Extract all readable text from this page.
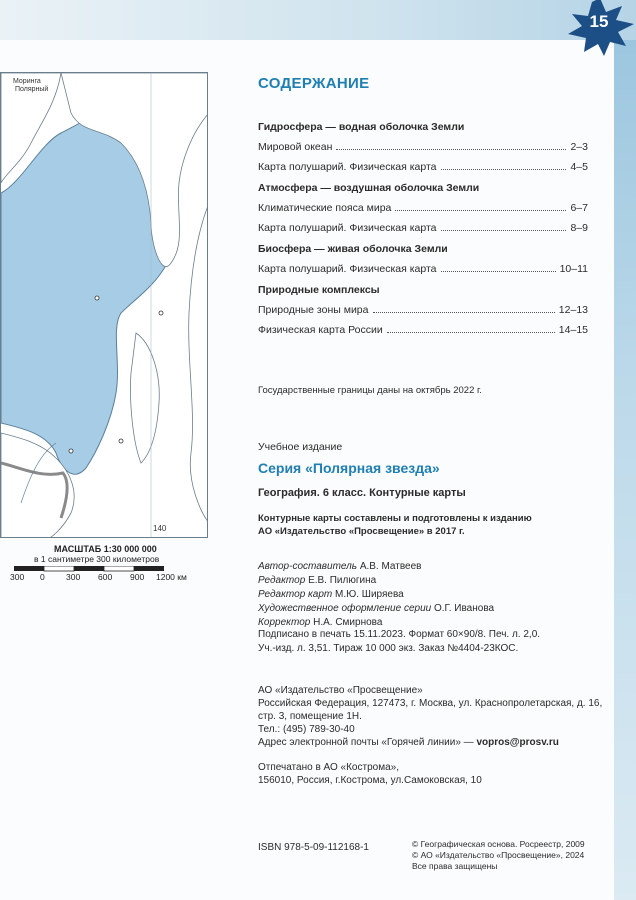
15
Моринга
Полярный
140
МАСШТАБ 1:30 000 000
в 1 сантиметре 300 километров
300 0	300 600 900 1200 км
СОДЕРЖАНИЕ
Гидросфера — водная оболочка Земли
Мировой океан	2–3
Карта полушарий. Физическая карта	4–5
Атмосфера — воздушная оболочка Земли
Климатические пояса мира	6–7
Карта полушарий. Физическая карта	8–9
Биосфера — живая оболочка Земли
Карта полушарий. Физическая карта	10–11
Природные комплексы
Природные зоны мира	12–13
Физическая карта России	14–15
Государственные границы даны на октябрь 2022 г.
Учебное издание
Серия «Полярная звезда»
География. 6 класс. Контурные карты
Контурные карты составлены и подготовлены к изданию
АО «Издательство «Просвещение» в 2017 г.
Автор-составитель А.В. Матвеев
Редактор Е.В. Пилюгина
Редактор карт М.Ю. Ширяева
Художественное оформление серии О.Г. Иванова
Корректор Н.А. Смирнова
Подписано в печать 15.11.2023. Формат 60×90/8. Печ. л. 2,0.
Уч.-изд. л. 3,51. Тираж 10 000 экз. Заказ №4404-23КОС.
АО «Издательство «Просвещение»
Российская Федерация, 127473, г. Москва, ул. Краснопролетарская, д. 16,
стр. 3, помещение 1Н.
Тел.: (495) 789-30-40
Адрес электронной почты «Горячей линии» — vopros@prosv.ru
Отпечатано в АО «Кострома»,
156010, Россия, г.Кострома, ул.Самоковская, 10
ISBN 978-5-09-112168-1	© Географическая основа. Росреестр, 2009
© АО «Издательство «Просвещение», 2024
Все права защищены
